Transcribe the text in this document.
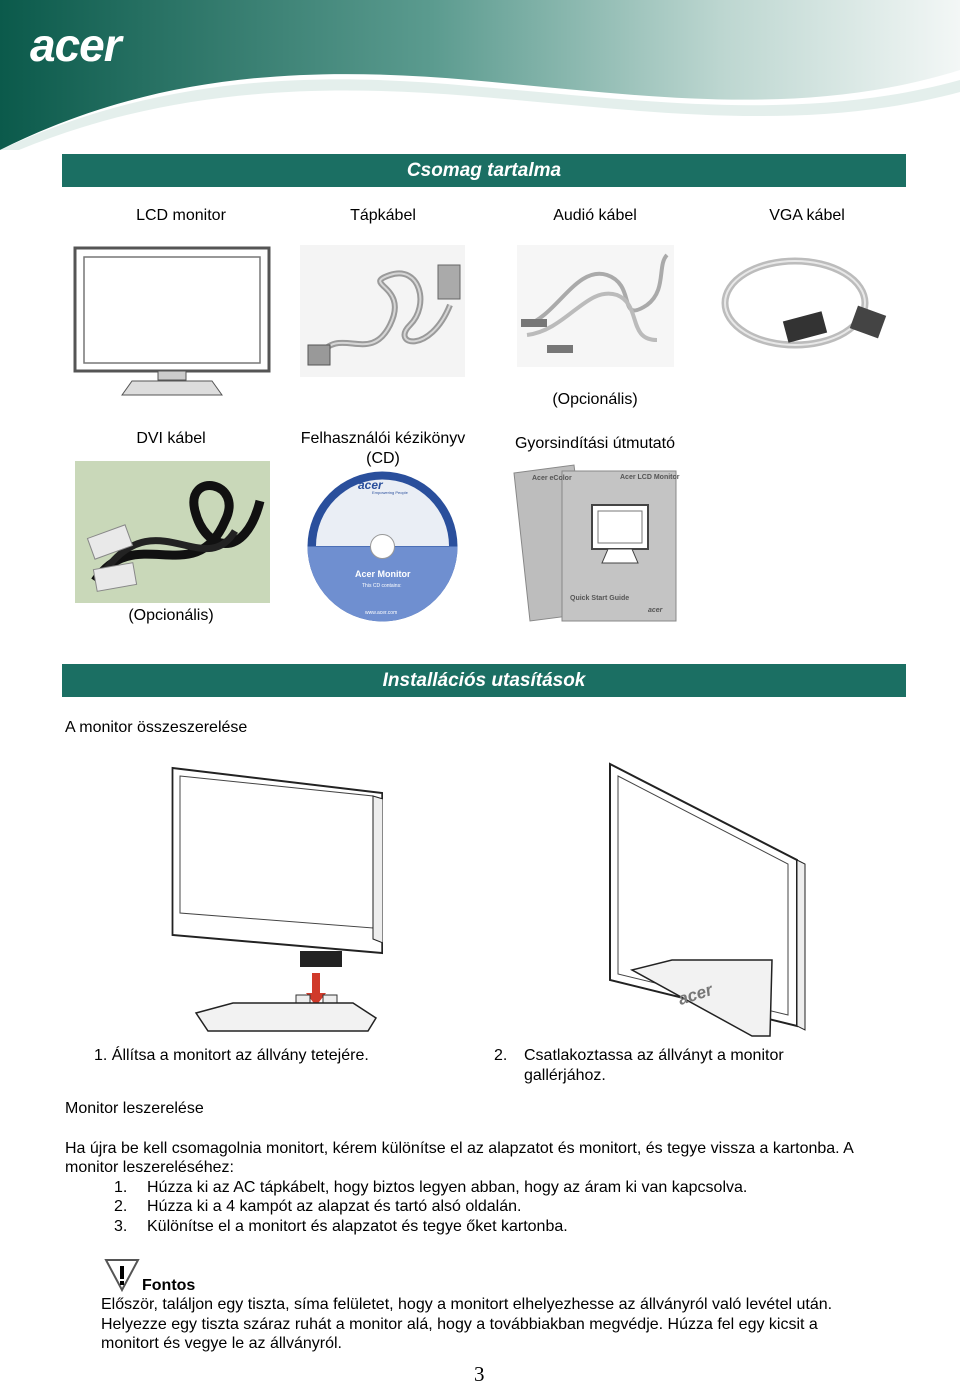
acer
Csomag tartalma
LCD monitor	Tápkábel	Audió kábel	VGA kábel
(Opcionális)
DVI kábel	Felhasználói kézikönyv
(CD)
Gyorsindítási útmutató
acer
Empowering People
Acer Monitor
This CD contains:
www.acer.com
Acer eColor	Acer LCD Monitor
Quick Start Guide
acer
(Opcionális)
Installációs utasítások
A monitor összeszerelése
acer
1. Állítsa a monitort az állvány tetejére.	2. Csatlakoztassa az állványt a monitor
gallérjához.
Monitor leszerelése
Ha újra be kell csomagolnia monitort, kérem különítse el az alapzatot és monitort, és tegye vissza a kartonba. A
monitor leszereléséhez:
1. Húzza ki az AC tápkábelt, hogy biztos legyen abban, hogy az áram ki van kapcsolva.
2. Húzza ki a 4 kampót az alapzat és tartó alsó oldalán.
3. Különítse el a monitort és alapzatot és tegye őket kartonba.
Fontos
Először, találjon egy tiszta, síma felületet, hogy a monitort elhelyezhesse az állványról való levétel után.
Helyezze egy tiszta száraz ruhát a monitor alá, hogy a továbbiakban megvédje. Húzza fel egy kicsit a
monitort és vegye le az állványról.
3
